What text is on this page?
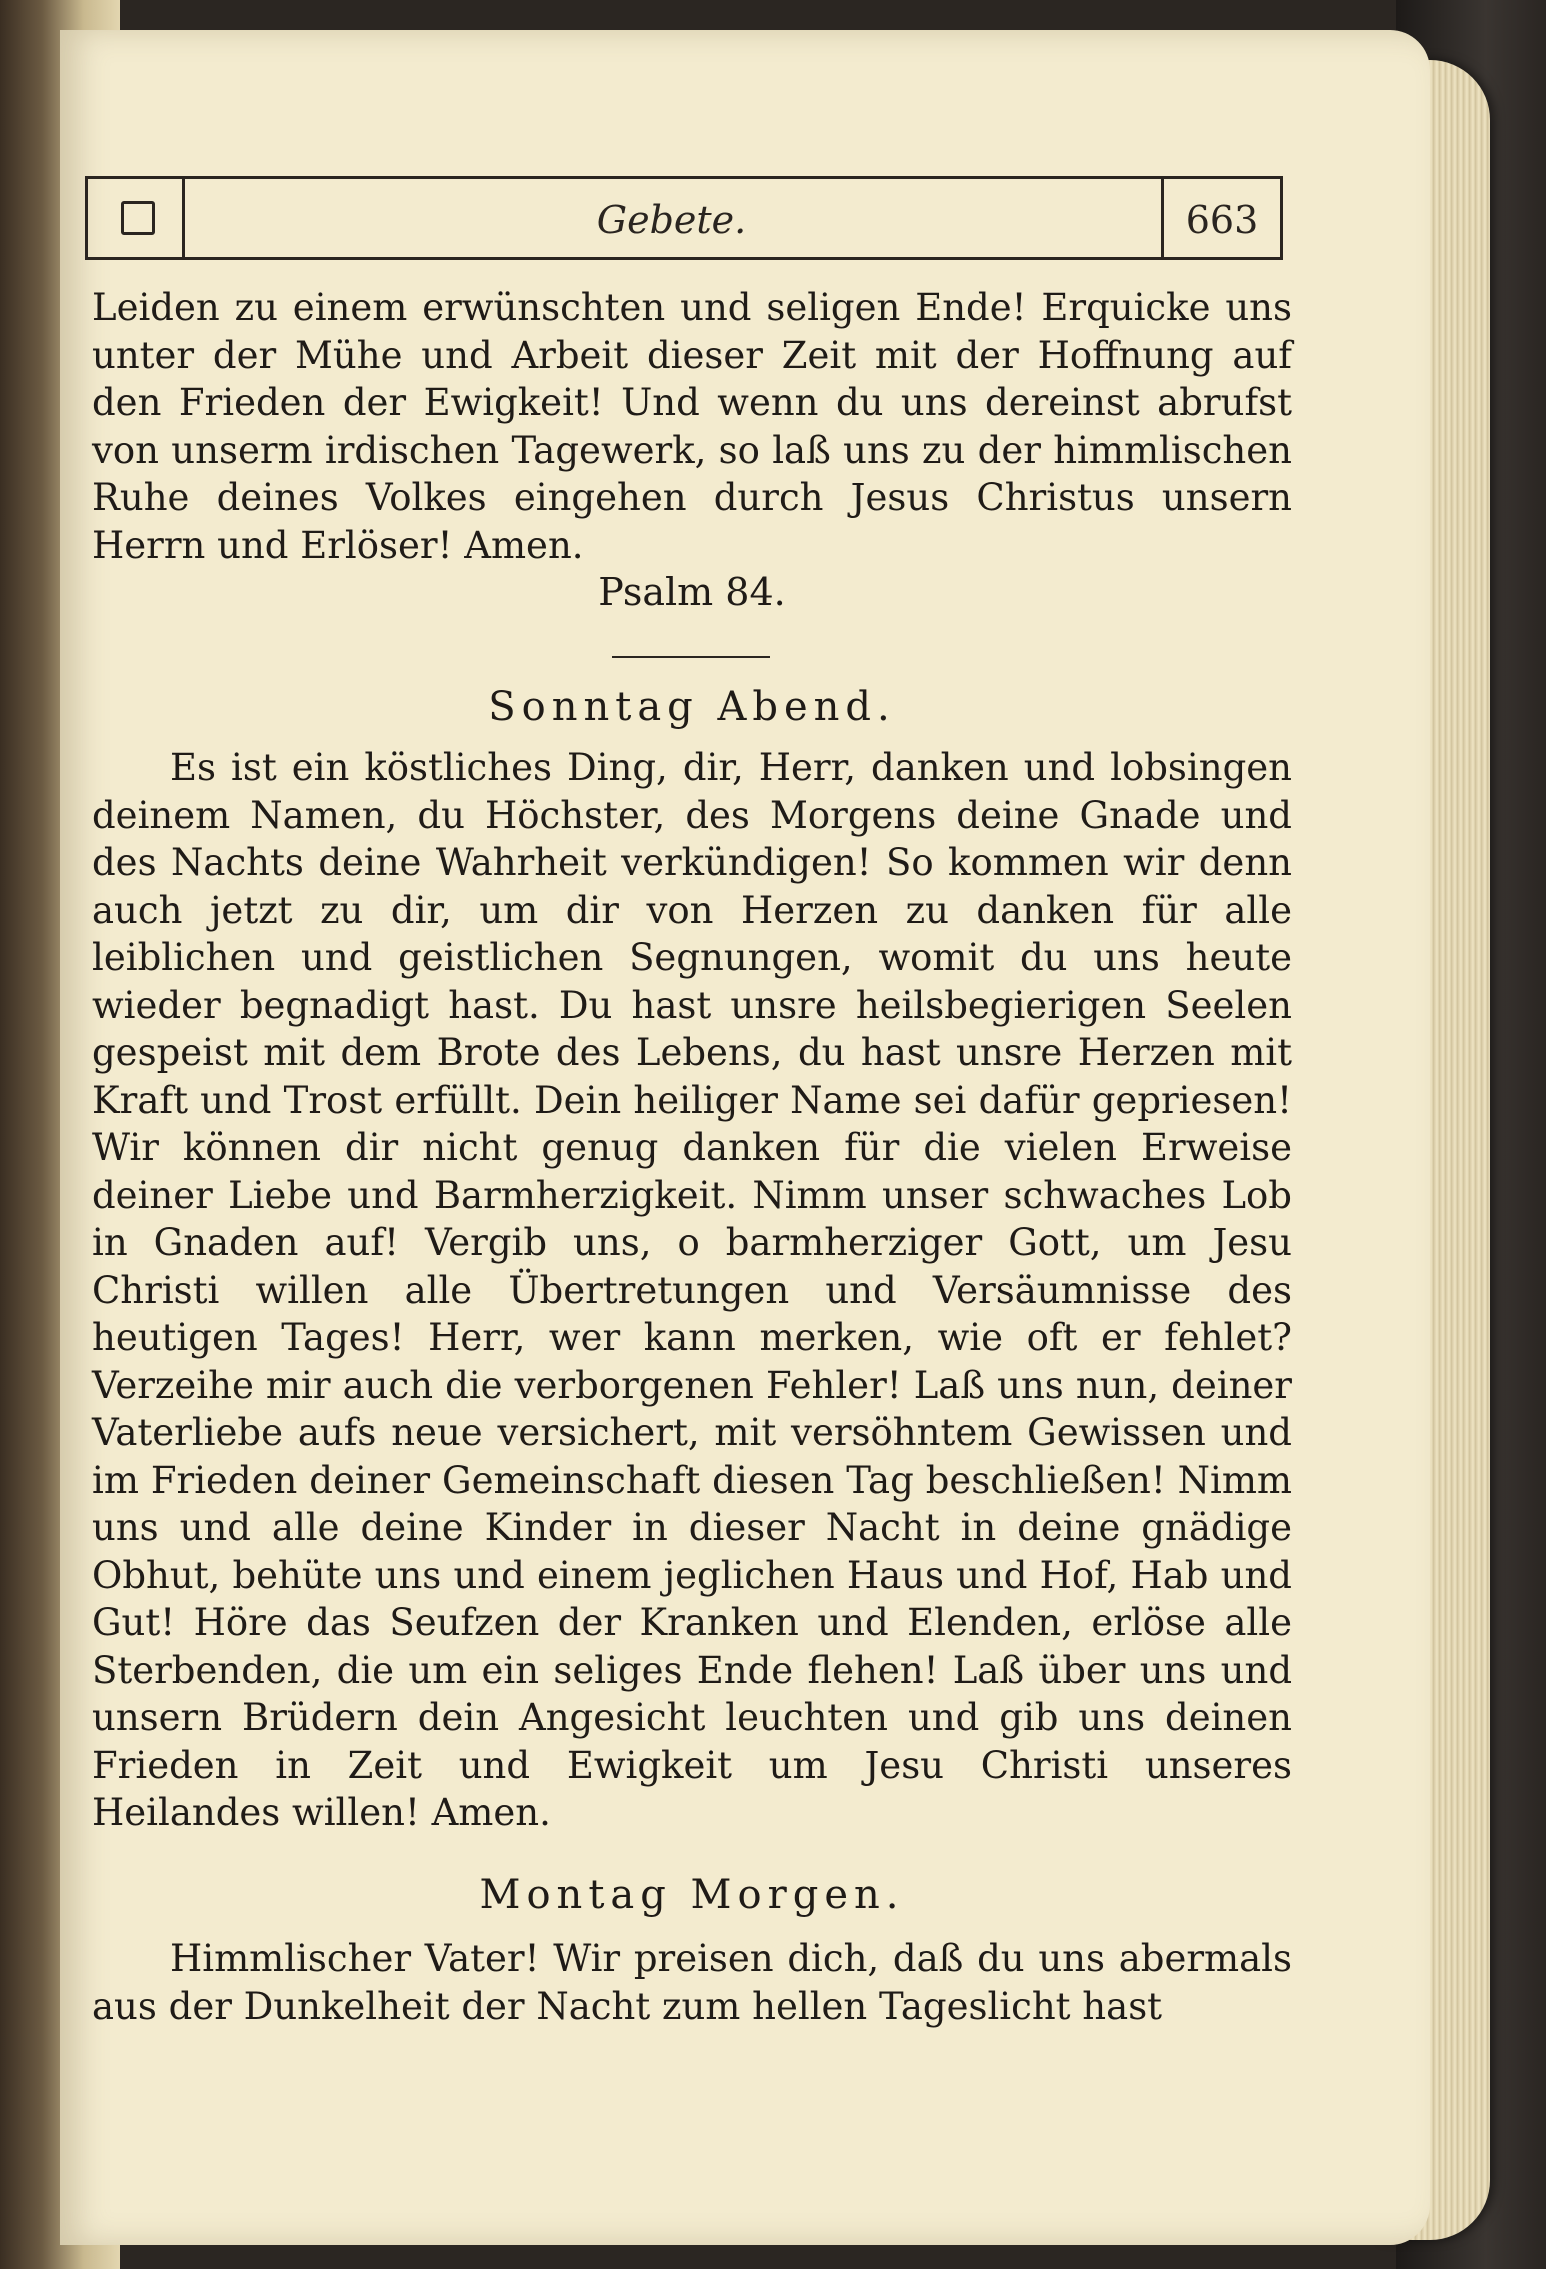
Gebete.	663
Leiden zu einem erwünschten und seligen Ende! Erquicke uns unter der Mühe und Arbeit dieser Zeit mit der Hoffnung auf den Frieden der Ewigkeit! Und wenn du uns dereinst abrufst von unserm irdischen Tagewerk, so laß uns zu der himmlischen Ruhe deines Volkes eingehen durch Jesus Christus unsern Herrn und Erlöser! Amen.
Psalm 84.
Sonntag Abend.
Es ist ein köstliches Ding, dir, Herr, danken und lobsingen deinem Namen, du Höchster, des Morgens deine Gnade und des Nachts deine Wahrheit verkündigen! So kommen wir denn auch jetzt zu dir, um dir von Herzen zu danken für alle leiblichen und geistlichen Segnungen, womit du uns heute wieder begnadigt hast. Du hast unsre heilsbegierigen Seelen gespeist mit dem Brote des Lebens, du hast unsre Herzen mit Kraft und Trost erfüllt. Dein heiliger Name sei dafür gepriesen! Wir können dir nicht genug danken für die vielen Erweise deiner Liebe und Barmherzigkeit. Nimm unser schwaches Lob in Gnaden auf! Vergib uns, o barmherziger Gott, um Jesu Christi willen alle Übertretungen und Versäumnisse des heutigen Tages! Herr, wer kann merken, wie oft er fehlet? Verzeihe mir auch die verborgenen Fehler! Laß uns nun, deiner Vaterliebe aufs neue versichert, mit versöhntem Gewissen und im Frieden deiner Gemeinschaft diesen Tag beschließen! Nimm uns und alle deine Kinder in dieser Nacht in deine gnädige Obhut, behüte uns und einem jeglichen Haus und Hof, Hab und Gut! Höre das Seufzen der Kranken und Elenden, erlöse alle Sterbenden, die um ein seliges Ende flehen! Laß über uns und unsern Brüdern dein Angesicht leuchten und gib uns deinen Frieden in Zeit und Ewigkeit um Jesu Christi unseres Heilandes willen! Amen.
Montag Morgen.
Himmlischer Vater! Wir preisen dich, daß du uns abermals aus der Dunkelheit der Nacht zum hellen Tageslicht hast
